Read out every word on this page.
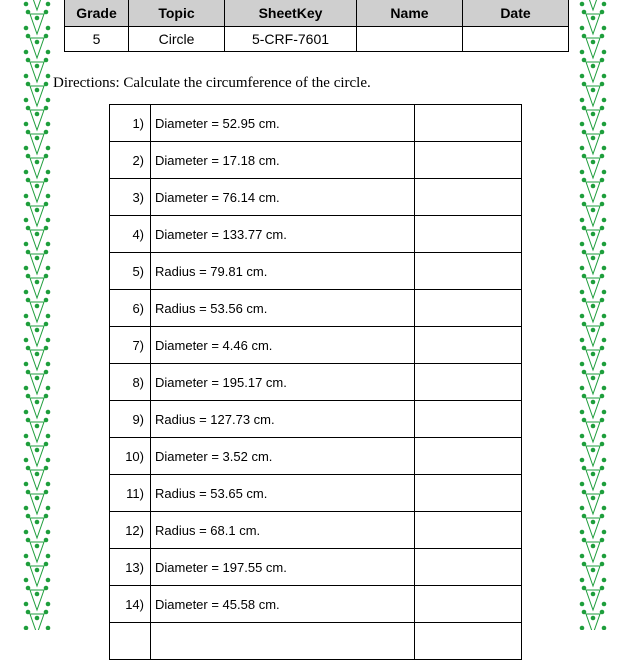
Grade	Topic	SheetKey	Name	Date
5	Circle	5-CRF-7601		
Directions: Calculate the circumference of the circle.
1)	Diameter = 52.95 cm.	
2)	Diameter = 17.18 cm.	
3)	Diameter = 76.14 cm.	
4)	Diameter = 133.77 cm.	
5)	Radius = 79.81 cm.	
6)	Radius = 53.56 cm.	
7)	Diameter = 4.46 cm.	
8)	Diameter = 195.17 cm.	
9)	Radius = 127.73 cm.	
10)	Diameter = 3.52 cm.	
11)	Radius = 53.65 cm.	
12)	Radius = 68.1 cm.	
13)	Diameter = 197.55 cm.	
14)	Diameter = 45.58 cm.	
